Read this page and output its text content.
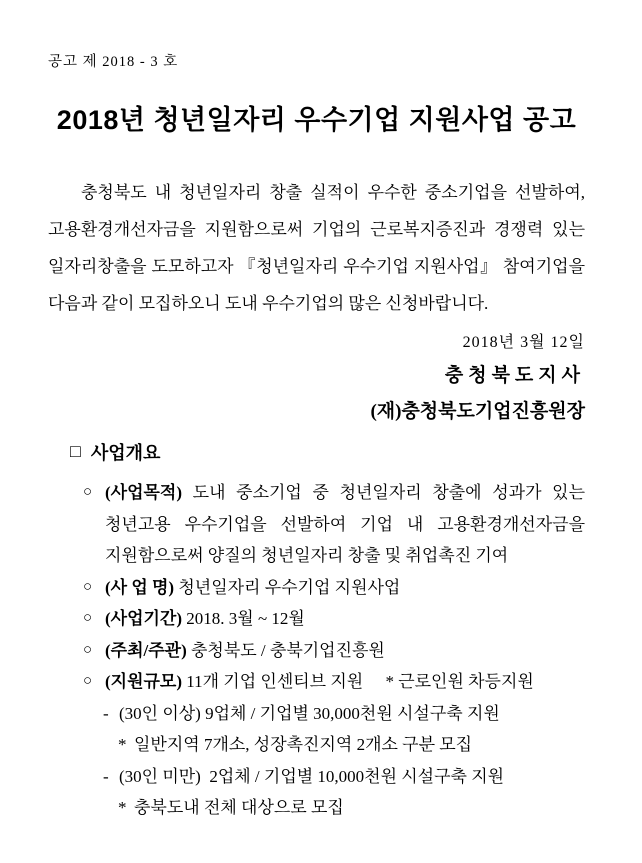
공고 제 2018 - 3 호
2018년 청년일자리 우수기업 지원사업 공고
충청북도 내 청년일자리 창출 실적이 우수한 중소기업을 선발하여,
고용환경개선자금을 지원함으로써 기업의 근로복지증진과 경쟁력 있는
일자리창출을 도모하고자 『청년일자리 우수기업 지원사업』 참여기업을
다음과 같이 모집하오니 도내 우수기업의 많은 신청바랍니다.
2018년 3월 12일
충청북도지사
(재)충청북도기업진흥원장
□ 사업개요
○ (사업목적) 도내 중소기업 중 청년일자리 창출에 성과가 있는
청년고용 우수기업을 선발하여 기업 내 고용환경개선자금을
지원함으로써 양질의 청년일자리 창출 및 취업촉진 기여
○ (사 업 명) 청년일자리 우수기업 지원사업
○ (사업기간) 2018. 3월 ~ 12월
○ (주최/주관) 충청북도 / 충북기업진흥원
○ (지원규모) 11개 기업 인센티브 지원 * 근로인원 차등지원
- (30인 이상) 9업체 / 기업별 30,000천원 시설구축 지원
* 일반지역 7개소, 성장촉진지역 2개소 구분 모집
- (30인 미만)  2업체 / 기업별 10,000천원 시설구축 지원
* 충북도내 전체 대상으로 모집
